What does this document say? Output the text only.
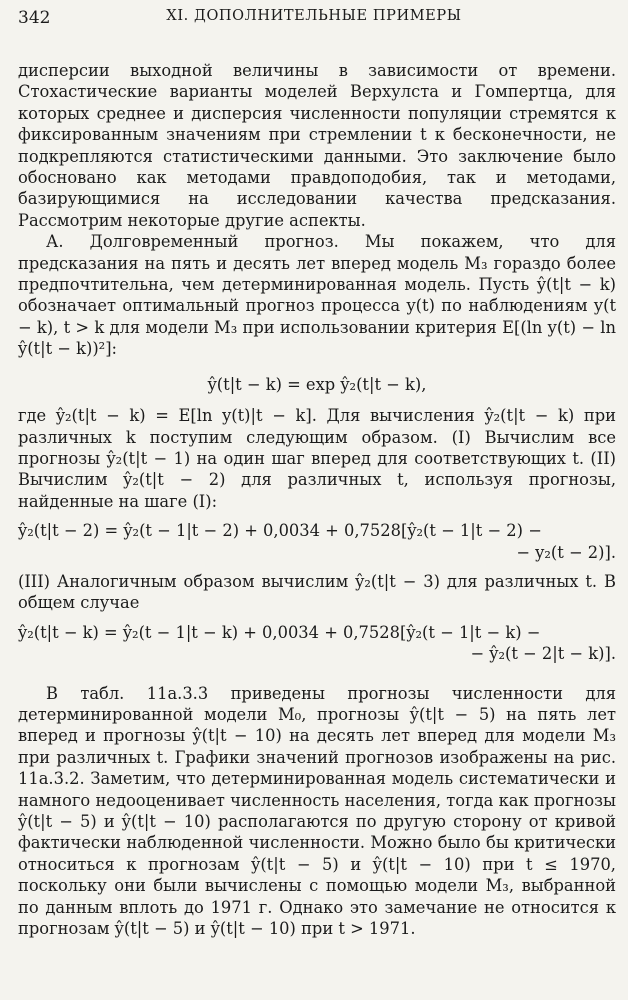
342	XI. ДОПОЛНИТЕЛЬНЫЕ ПРИМЕРЫ

дисперсии выходной величины в зависимости от времени. Стохастические варианты моделей Верхулста и Гомпертца, для которых среднее и дисперсия численности популяции стремятся к фиксированным значениям при стремлении t к бесконечности, не подкрепляются статистическими данными. Это заключение было обосновано как методами правдоподобия, так и методами, базирующимися на исследовании качества предсказания. Рассмотрим некоторые другие аспекты.

А. Долговременный прогноз. Мы покажем, что для предсказания на пять и десять лет вперед модель M₃ гораздо более предпочтительна, чем детерминированная модель. Пусть ŷ(t|t − k) обозначает оптимальный прогноз процесса y(t) по наблюдениям y(t − k), t > k для модели M₃ при использовании критерия E[(ln y(t) − ln ŷ(t|t − k))²]:

ŷ(t|t − k) = exp ŷ₂(t|t − k),

где ŷ₂(t|t − k) = E[ln y(t)|t − k]. Для вычисления ŷ₂(t|t − k) при различных k поступим следующим образом. (I) Вычислим все прогнозы ŷ₂(t|t − 1) на один шаг вперед для соответствующих t. (II) Вычислим ŷ₂(t|t − 2) для различных t, используя прогнозы, найденные на шаге (I):

ŷ₂(t|t − 2) = ŷ₂(t − 1|t − 2) + 0,0034 + 0,7528[ŷ₂(t − 1|t − 2) −

− y₂(t − 2)].

(III) Аналогичным образом вычислим ŷ₂(t|t − 3) для различных t. В общем случае

ŷ₂(t|t − k) = ŷ₂(t − 1|t − k) + 0,0034 + 0,7528[ŷ₂(t − 1|t − k) −

− ŷ₂(t − 2|t − k)].

В табл. 11а.3.3 приведены прогнозы численности для детерминированной модели M₀, прогнозы ŷ(t|t − 5) на пять лет вперед и прогнозы ŷ(t|t − 10) на десять лет вперед для модели M₃ при различных t. Графики значений прогнозов изображены на рис. 11а.3.2. Заметим, что детерминированная модель систематически и намного недооценивает численность населения, тогда как прогнозы ŷ(t|t − 5) и ŷ(t|t − 10) располагаются по другую сторону от кривой фактически наблюденной численности. Можно было бы критически относиться к прогнозам ŷ(t|t − 5) и ŷ(t|t − 10) при t ≤ 1970, поскольку они были вычислены с помощью модели M₃, выбранной по данным вплоть до 1971 г. Однако это замечание не относится к прогнозам ŷ(t|t − 5) и ŷ(t|t − 10) при t > 1971.
